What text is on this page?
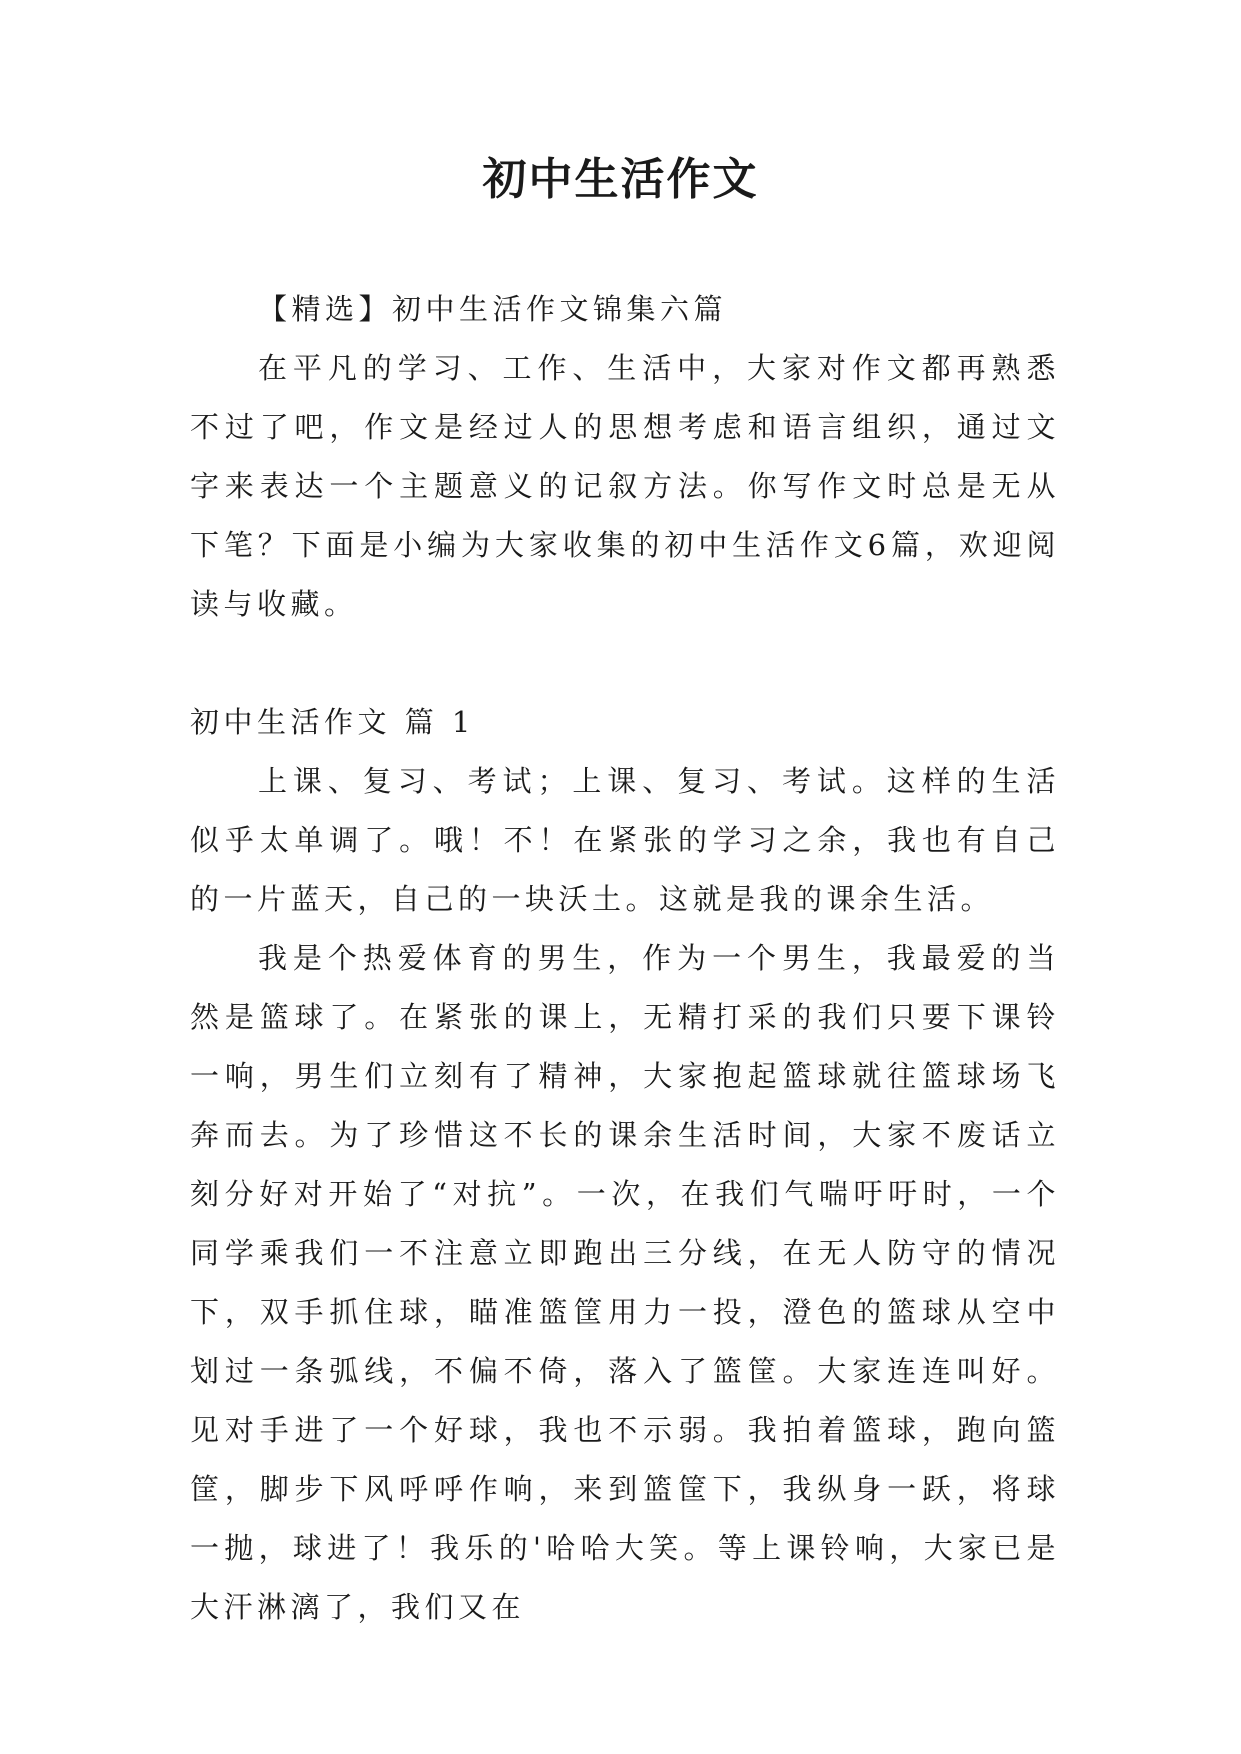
初中生活作文

【精选】初中生活作文锦集六篇

在平凡的学习、工作、生活中，大家对作文都再熟悉不过了吧，作文是经过人的思想考虑和语言组织，通过文字来表达一个主题意义的记叙方法。你写作文时总是无从下笔？下面是小编为大家收集的初中生活作文6篇，欢迎阅读与收藏。

初中生活作文 篇 1

上课、复习、考试；上课、复习、考试。这样的生活似乎太单调了。哦！不！在紧张的学习之余，我也有自己的一片蓝天，自己的一块沃土。这就是我的课余生活。

我是个热爱体育的男生，作为一个男生，我最爱的当然是篮球了。在紧张的课上，无精打采的我们只要下课铃一响，男生们立刻有了精神，大家抱起篮球就往篮球场飞奔而去。为了珍惜这不长的课余生活时间，大家不废话立刻分好对开始了“对抗”。一次，在我们气喘吁吁时，一个同学乘我们一不注意立即跑出三分线，在无人防守的情况下，双手抓住球，瞄准篮筐用力一投，澄色的篮球从空中划过一条弧线，不偏不倚，落入了篮筐。大家连连叫好。见对手进了一个好球，我也不示弱。我拍着篮球，跑向篮筐，脚步下风呼呼作响，来到篮筐下，我纵身一跃，将球一抛，球进了！我乐的'哈哈大笑。等上课铃响，大家已是大汗淋漓了，我们又在
